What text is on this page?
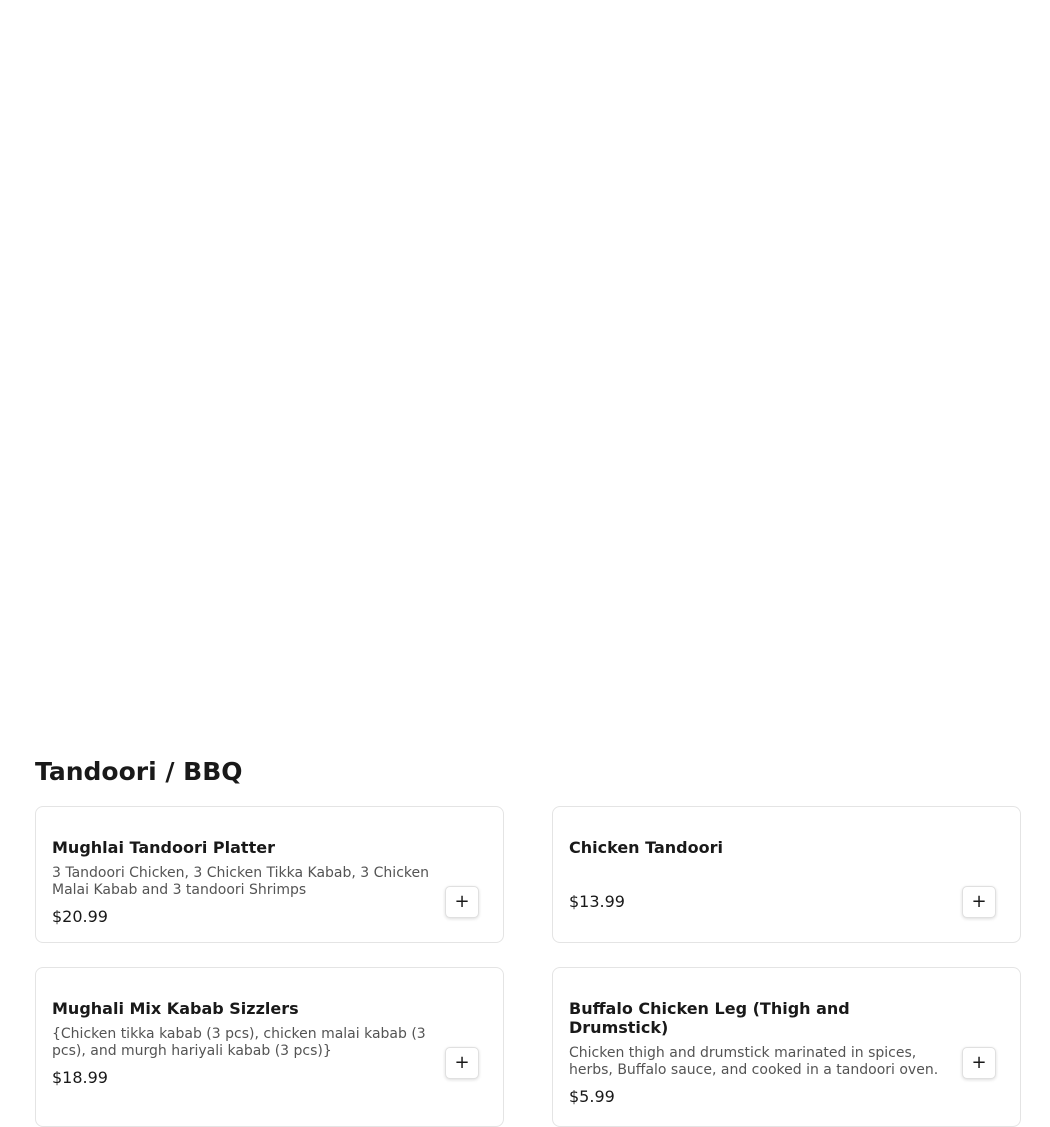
Tandoori / BBQ

Mughlai Tandoori Platter

3 Tandoori Chicken, 3 Chicken Tikka Kabab, 3 Chicken Malai Kabab and 3 tandoori Shrimps

$20.99

+

Chicken Tandoori

$13.99	+

Mughali Mix Kabab Sizzlers

{Chicken tikka kabab (3 pcs), chicken malai kabab (3 pcs), and murgh hariyali kabab (3 pcs)}

$18.99

+

Buffalo Chicken Leg (Thigh and Drumstick)

Chicken thigh and drumstick marinated in spices, herbs, Buffalo sauce, and cooked in a tandoori oven.

$5.99

+
